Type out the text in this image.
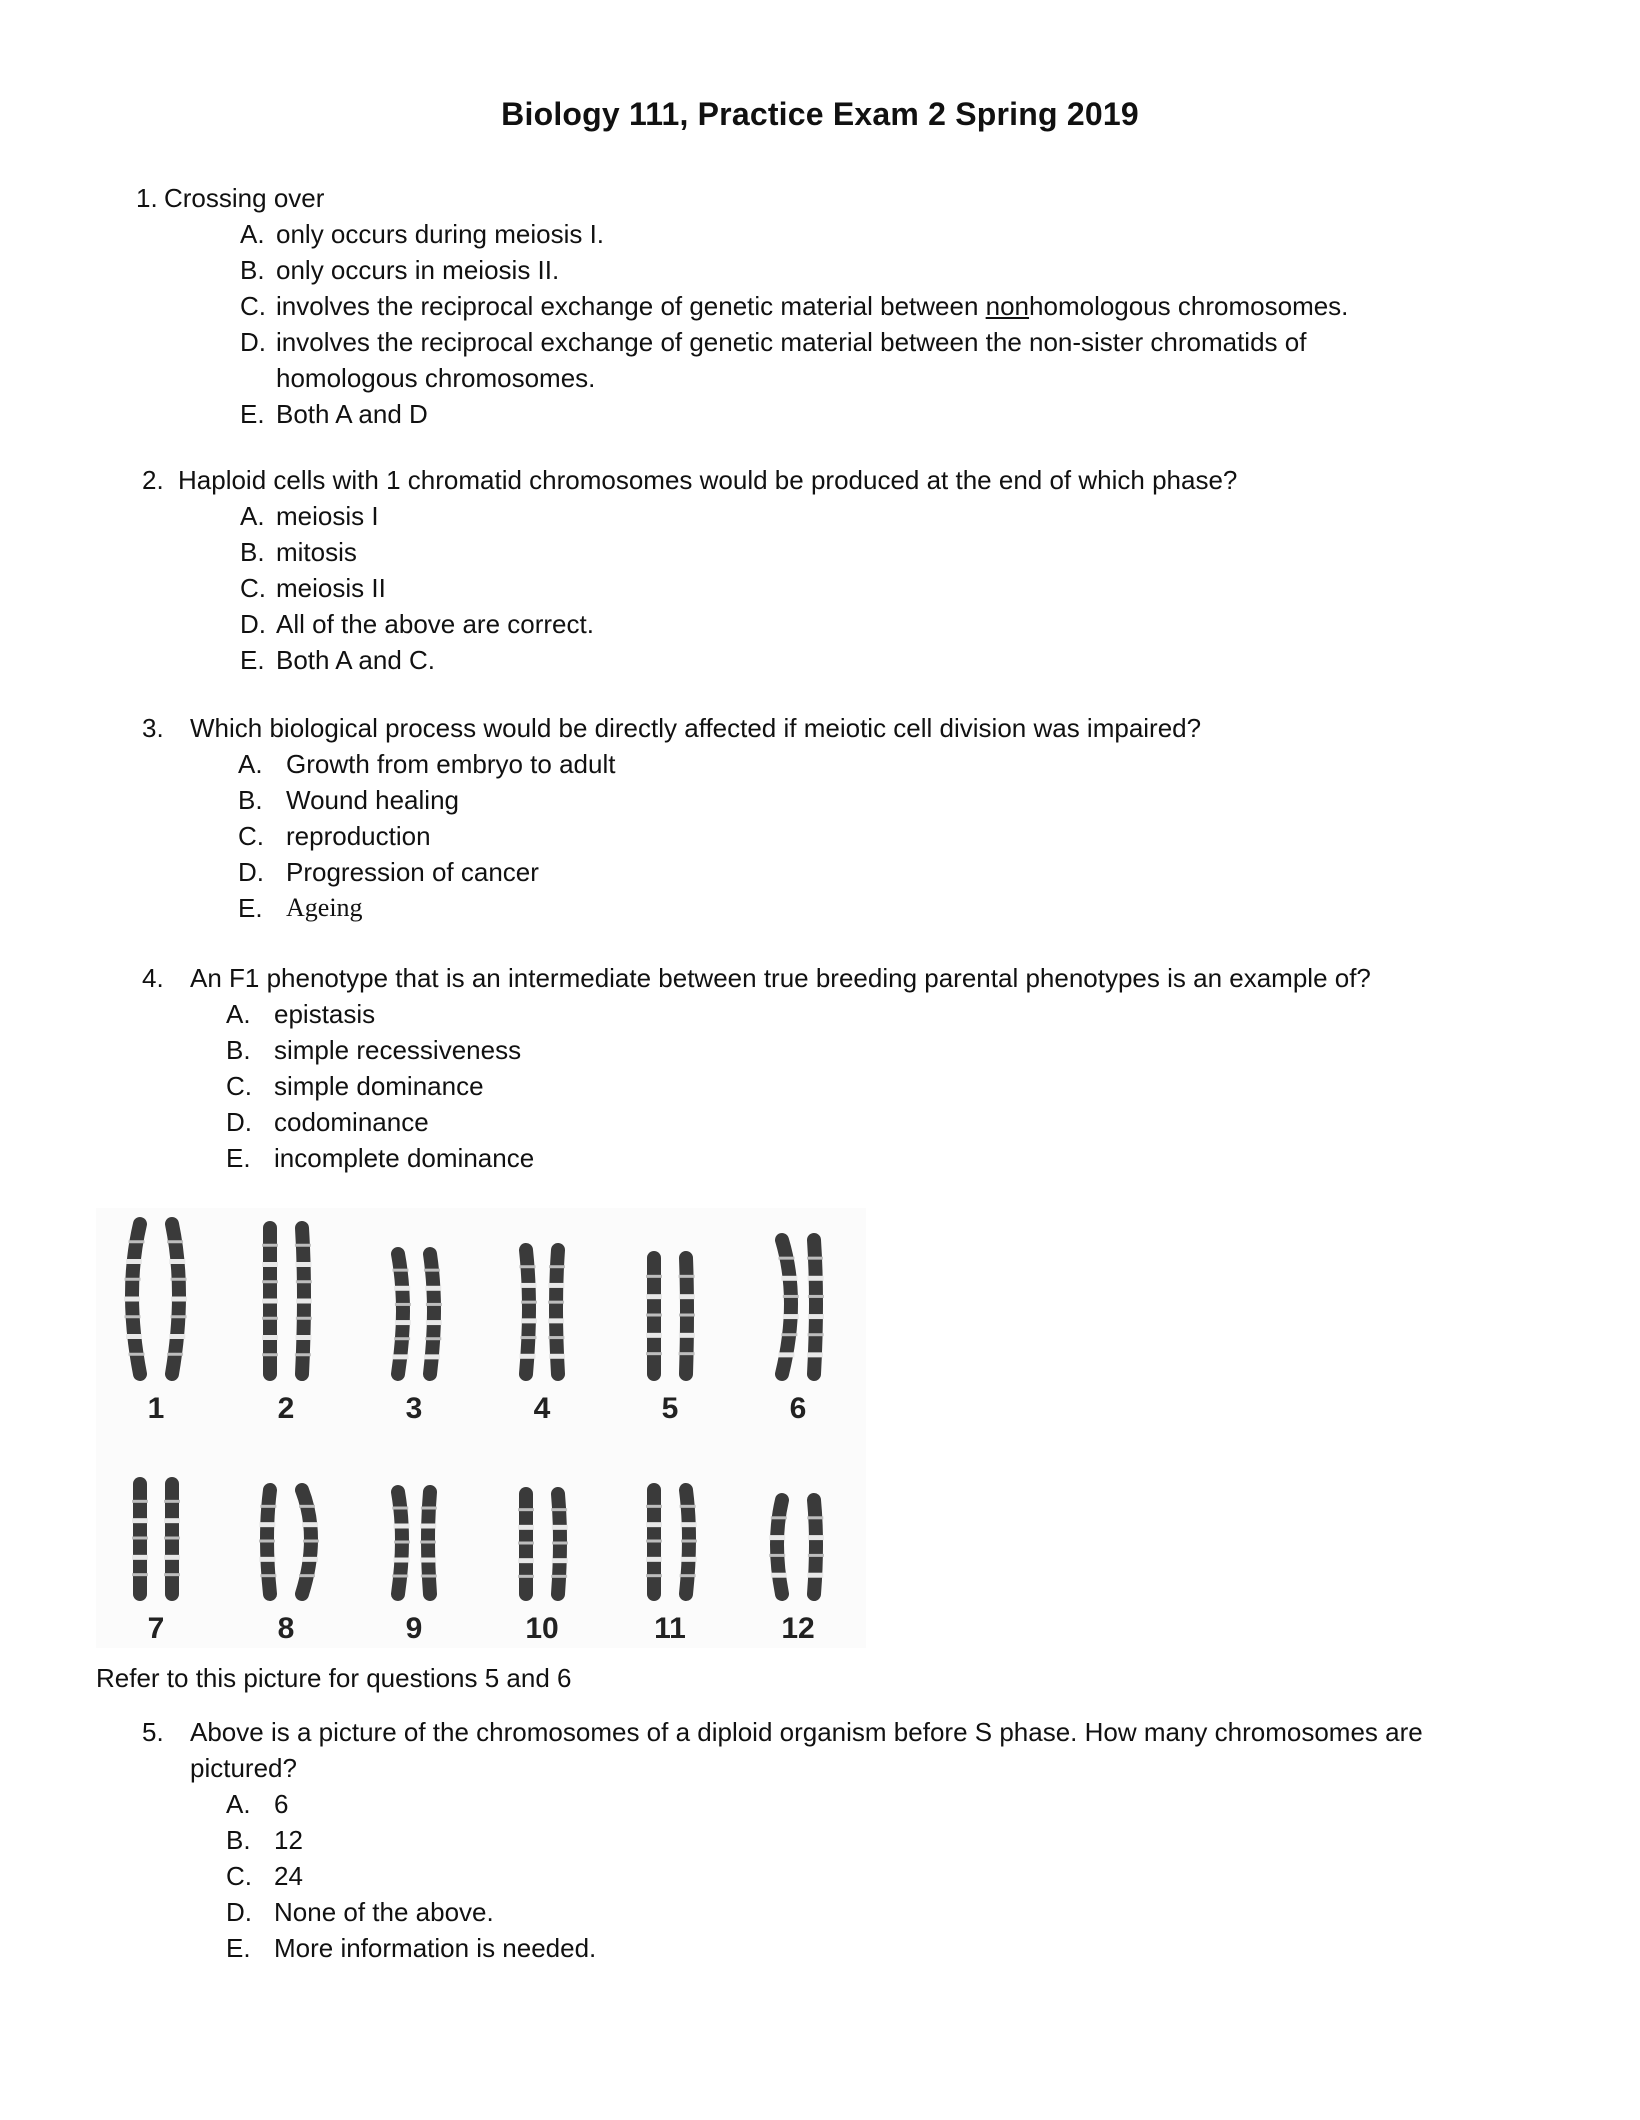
Biology 111, Practice Exam 2 Spring 2019
1. Crossing over
A. only occurs during meiosis I.
B. only occurs in meiosis II.
C. involves the reciprocal exchange of genetic material between nonhomologous chromosomes.
D. involves the reciprocal exchange of genetic material between the non-sister chromatids of
homologous chromosomes.
E. Both A and D
2. Haploid cells with 1 chromatid chromosomes would be produced at the end of which phase?
A. meiosis I
B. mitosis
C. meiosis II
D. All of the above are correct.
E. Both A and C.
3.	Which biological process would be directly affected if meiotic cell division was impaired?
A. Growth from embryo to adult
B. Wound healing
C. reproduction
D. Progression of cancer
E. Ageing
4.	An F1 phenotype that is an intermediate between true breeding parental phenotypes is an example of?
A. epistasis
B. simple recessiveness
C. simple dominance
D. codominance
E. incomplete dominance
1	2	3	4	5	6
7	8	9	10	11	12
Refer to this picture for questions 5 and 6
5.	Above is a picture of the chromosomes of a diploid organism before S phase. How many chromosomes are
pictured?
A. 6
B. 12
C. 24
D. None of the above.
E. More information is needed.
